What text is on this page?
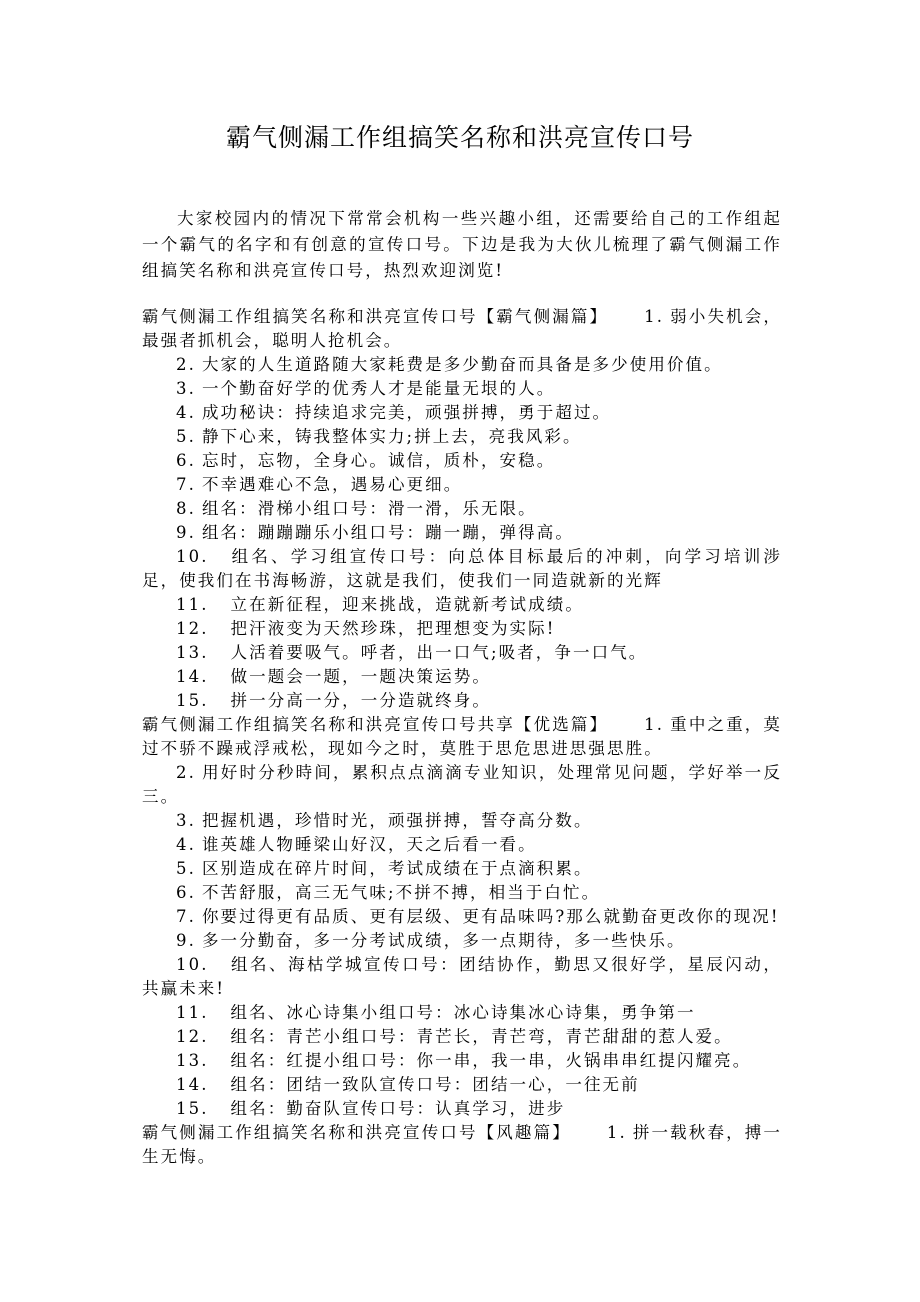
霸气侧漏工作组搞笑名称和洪亮宣传口号

大家校园内的情况下常常会机构一些兴趣小组，还需要给自己的工作组起一个霸气的名字和有创意的宣传口号。下边是我为大伙儿梳理了霸气侧漏工作组搞笑名称和洪亮宣传口号，热烈欢迎浏览!

霸气侧漏工作组搞笑名称和洪亮宣传口号【霸气侧漏篇】 1. 弱小失机会，最强者抓机会，聪明人抢机会。

2. 大家的人生道路随大家耗费是多少勤奋而具备是多少使用价值。

3. 一个勤奋好学的优秀人才是能量无垠的人。

4. 成功秘诀：持续追求完美，顽强拼搏，勇于超过。

5. 静下心来，铸我整体实力;拼上去，亮我风彩。

6. 忘时，忘物，全身心。诚信，质朴，安稳。

7. 不幸遇难心不急，遇易心更细。

8. 组名：滑梯小组口号：滑一滑，乐无限。

9. 组名：蹦蹦蹦乐小组口号：蹦一蹦，弹得高。

10. 组名、学习组宣传口号：向总体目标最后的冲刺，向学习培训涉足，使我们在书海畅游，这就是我们，使我们一同造就新的光辉

11. 立在新征程，迎来挑战，造就新考试成绩。

12. 把汗液变为天然珍珠，把理想变为实际!

13. 人活着要吸气。呼者，出一口气;吸者，争一口气。

14. 做一题会一题，一题决策运势。

15. 拼一分高一分，一分造就终身。

霸气侧漏工作组搞笑名称和洪亮宣传口号共享【优选篇】 1. 重中之重，莫过不骄不躁戒浮戒松，现如今之时，莫胜于思危思进思强思胜。

2. 用好时分秒時间，累积点点滴滴专业知识，处理常见问题，学好举一反三。

3. 把握机遇，珍惜时光，顽强拼搏，誓夺高分数。

4. 谁英雄人物睡梁山好汉，天之后看一看。

5. 区别造成在碎片时间，考试成绩在于点滴积累。

6. 不苦舒服，高三无气味;不拼不搏，相当于白忙。

7. 你要过得更有品质、更有层级、更有品味吗?那么就勤奋更改你的现况!

9. 多一分勤奋，多一分考试成绩，多一点期待，多一些快乐。

10. 组名、海枯学城宣传口号：团结协作，勤思又很好学，星辰闪动，共赢未来!

11. 组名、冰心诗集小组口号：冰心诗集冰心诗集，勇争第一

12. 组名：青芒小组口号：青芒长，青芒弯，青芒甜甜的惹人爱。

13. 组名：红提小组口号：你一串，我一串，火锅串串红提闪耀亮。

14. 组名：团结一致队宣传口号：团结一心，一往无前

15. 组名：勤奋队宣传口号：认真学习，进步

霸气侧漏工作组搞笑名称和洪亮宣传口号【风趣篇】 1. 拼一载秋春，搏一生无悔。
